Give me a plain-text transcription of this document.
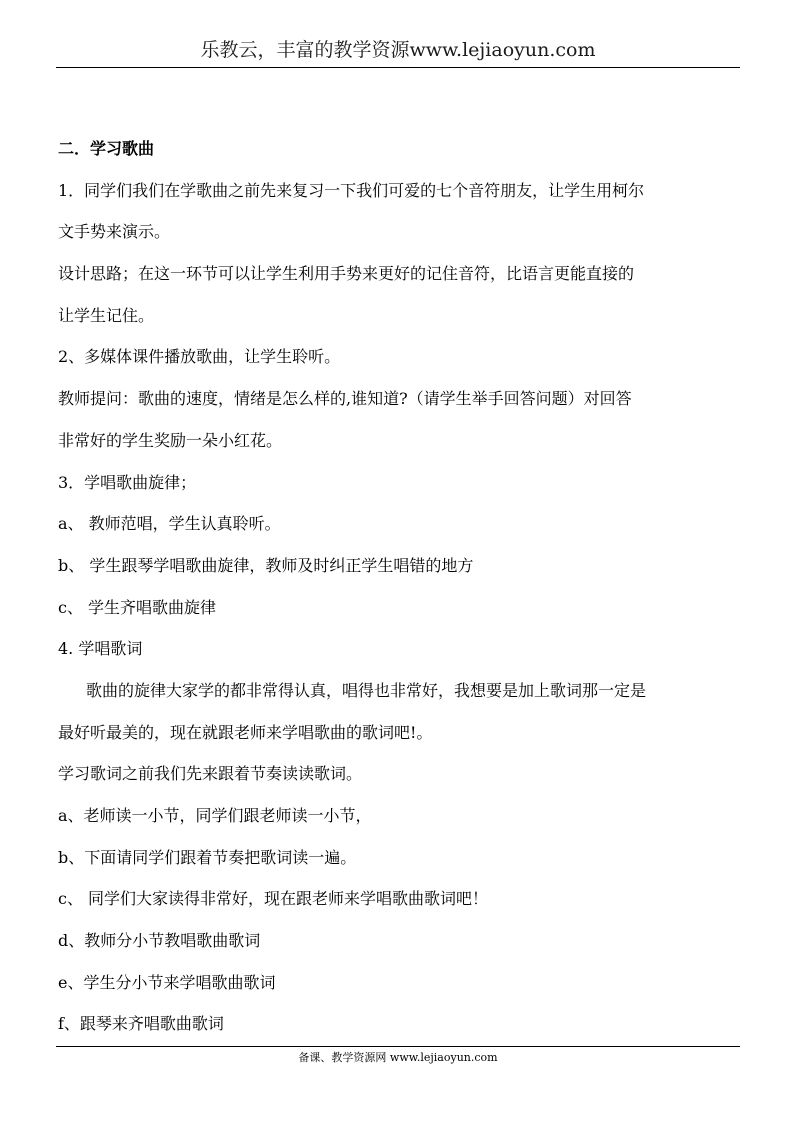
乐教云，丰富的教学资源www.lejiaoyun.com
二．学习歌曲
1．同学们我们在学歌曲之前先来复习一下我们可爱的七个音符朋友，让学生用柯尔
文手势来演示。
设计思路；在这一环节可以让学生利用手势来更好的记住音符，比语言更能直接的
让学生记住。
2、多媒体课件播放歌曲，让学生聆听。
教师提问：歌曲的速度，情绪是怎么样的,谁知道?（请学生举手回答问题）对回答
非常好的学生奖励一朵小红花。
3．学唱歌曲旋律；
a、 教师范唱，学生认真聆听。
b、 学生跟琴学唱歌曲旋律，教师及时纠正学生唱错的地方
c、 学生齐唱歌曲旋律
4. 学唱歌词
歌曲的旋律大家学的都非常得认真，唱得也非常好，我想要是加上歌词那一定是
最好听最美的，现在就跟老师来学唱歌曲的歌词吧!。
学习歌词之前我们先来跟着节奏读读歌词。
a、老师读一小节，同学们跟老师读一小节，
b、下面请同学们跟着节奏把歌词读一遍。
c、 同学们大家读得非常好，现在跟老师来学唱歌曲歌词吧！
d、教师分小节教唱歌曲歌词
e、学生分小节来学唱歌曲歌词
f、跟琴来齐唱歌曲歌词
备课、教学资源网 www.lejiaoyun.com
